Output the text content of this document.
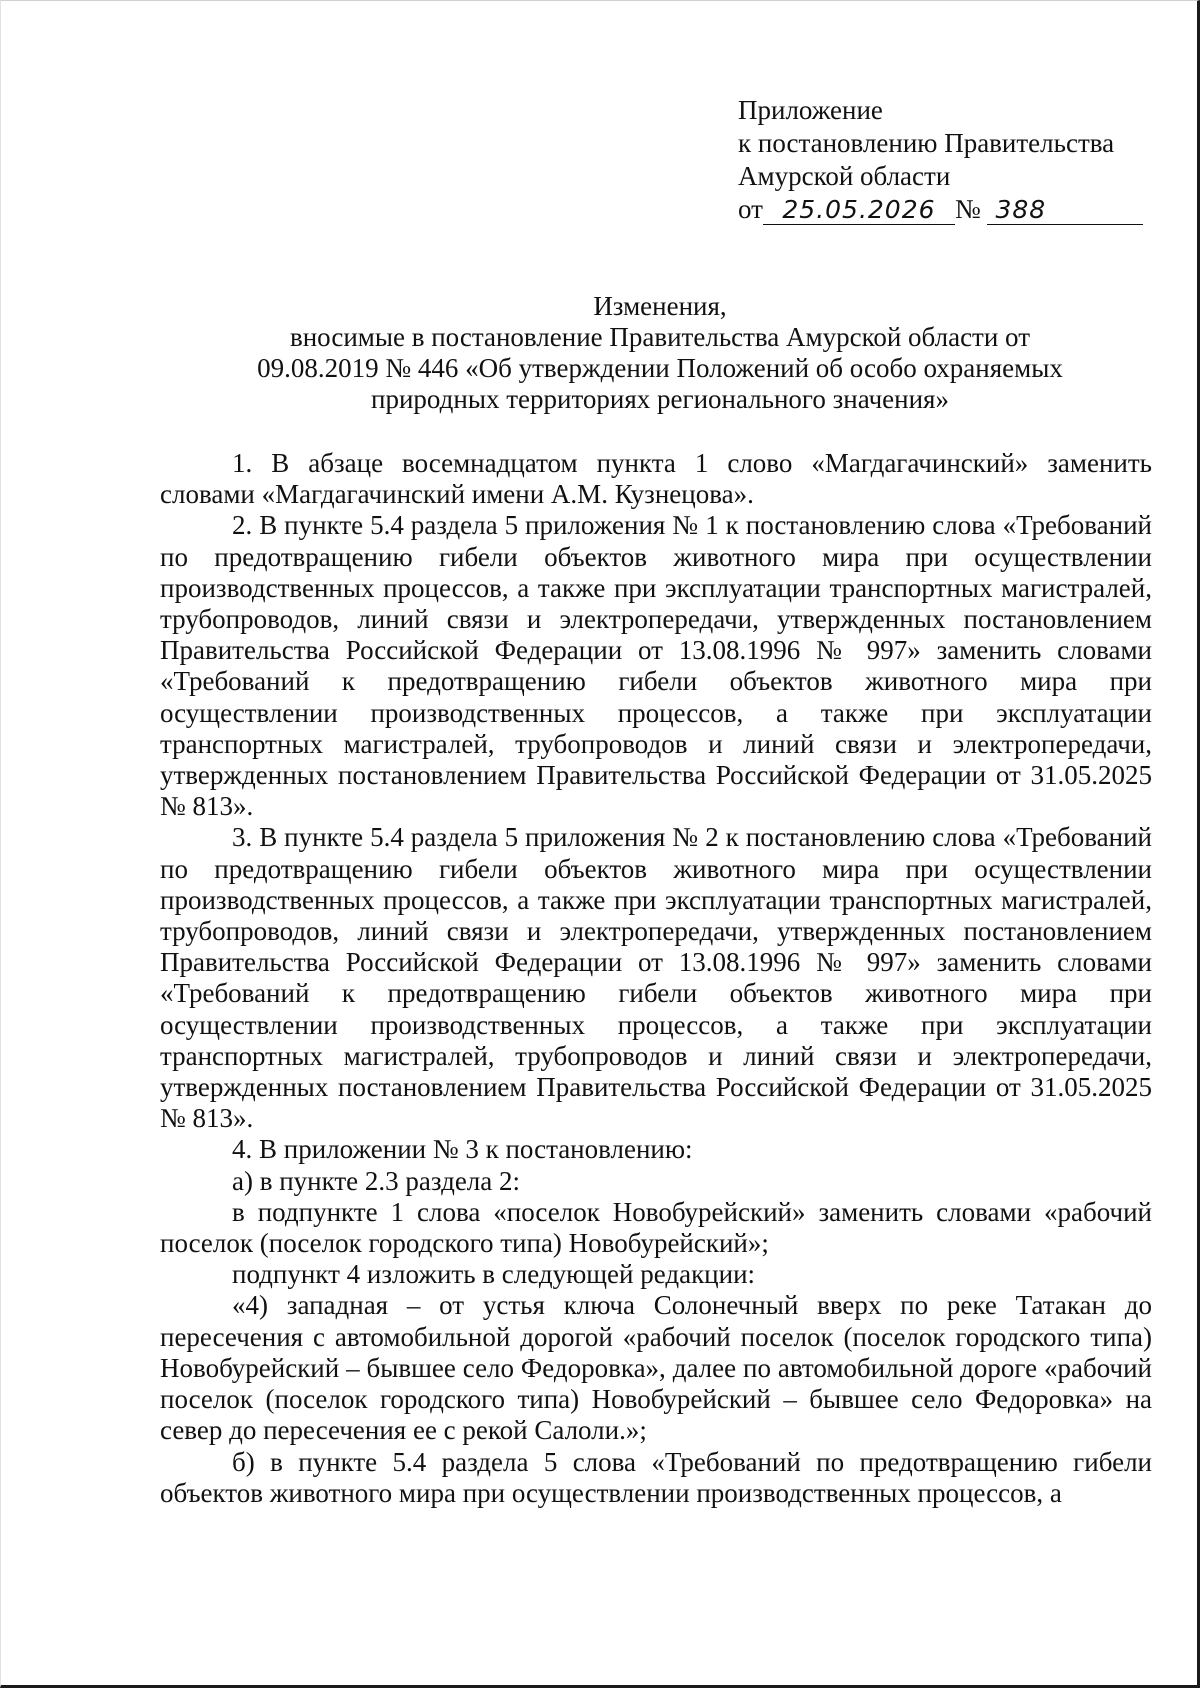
Приложение
к постановлению Правительства
Амурской области
от 25.05.2026 № 388
Изменения,
вносимые в постановление Правительства Амурской области от
09.08.2019 № 446 «Об утверждении Положений об особо охраняемых
природных территориях регионального значения»

1. В абзаце восемнадцатом пункта 1 слово «Магдагачинский» заменить словами «Магдагачинский имени А.М. Кузнецова».

2. В пункте 5.4 раздела 5 приложения № 1 к постановлению слова «Требований по предотвращению гибели объектов животного мира при осуществлении производственных процессов, а также при эксплуатации транспортных магистралей, трубопроводов, линий связи и электропередачи, утвержденных постановлением Правительства Российской Федерации от 13.08.1996 № 997» заменить словами «Требований к предотвращению гибели объектов животного мира при осуществлении производственных процессов, а также при эксплуатации транспортных магистралей, трубопроводов и линий связи и электропередачи, утвержденных постановлением Правительства Российской Федерации от 31.05.2025 № 813».

3. В пункте 5.4 раздела 5 приложения № 2 к постановлению слова «Требований по предотвращению гибели объектов животного мира при осуществлении производственных процессов, а также при эксплуатации транспортных магистралей, трубопроводов, линий связи и электропередачи, утвержденных постановлением Правительства Российской Федерации от 13.08.1996 № 997» заменить словами «Требований к предотвращению гибели объектов животного мира при осуществлении производственных процессов, а также при эксплуатации транспортных магистралей, трубопроводов и линий связи и электропередачи, утвержденных постановлением Правительства Российской Федерации от 31.05.2025 № 813».

4. В приложении № 3 к постановлению:

а) в пункте 2.3 раздела 2:

в подпункте 1 слова «поселок Новобурейский» заменить словами «рабочий поселок (поселок городского типа) Новобурейский»;

подпункт 4 изложить в следующей редакции:

«4) западная – от устья ключа Солонечный вверх по реке Татакан до пересечения с автомобильной дорогой «рабочий поселок (поселок городского типа) Новобурейский – бывшее село Федоровка», далее по автомобильной дороге «рабочий поселок (поселок городского типа) Новобурейский – бывшее село Федоровка» на север до пересечения ее с рекой Салоли.»;

б) в пункте 5.4 раздела 5 слова «Требований по предотвращению гибели объектов животного мира при осуществлении производственных процессов, а
